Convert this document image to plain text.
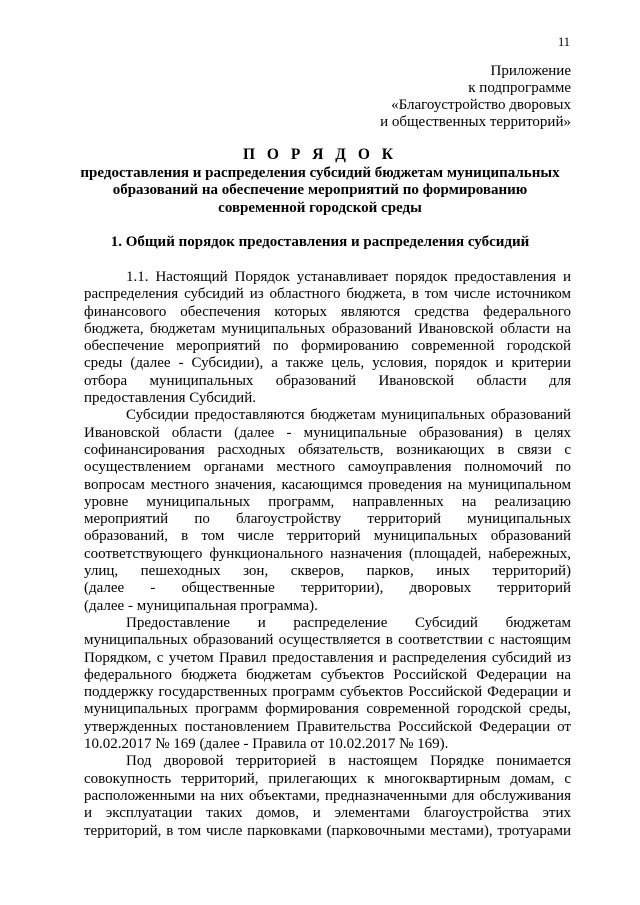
11
Приложение
к подпрограмме
«Благоустройство дворовых
и общественных территорий»
П О Р Я Д О К
предоставления и распределения субсидий бюджетам муниципальных
образований на обеспечение мероприятий по формированию
современной городской среды
1. Общий порядок предоставления и распределения субсидий
1.1. Настоящий Порядок устанавливает порядок предоставления и
распределения субсидий из областного бюджета, в том числе источником
финансового обеспечения которых являются средства федерального
бюджета, бюджетам муниципальных образований Ивановской области на
обеспечение мероприятий по формированию современной городской
среды (далее - Субсидии), а также цель, условия, порядок и критерии
отбора муниципальных образований Ивановской области для
предоставления Субсидий.
Субсидии предоставляются бюджетам муниципальных образований
Ивановской области (далее - муниципальные образования) в целях
софинансирования расходных обязательств, возникающих в связи с
осуществлением органами местного самоуправления полномочий по
вопросам местного значения, касающимся проведения на муниципальном
уровне муниципальных программ, направленных на реализацию
мероприятий по благоустройству территорий муниципальных
образований, в том числе территорий муниципальных образований
соответствующего функционального назначения (площадей, набережных,
улиц, пешеходных зон, скверов, парков, иных территорий)
(далее - общественные территории), дворовых территорий
(далее - муниципальная программа).
Предоставление и распределение Субсидий бюджетам
муниципальных образований осуществляется в соответствии с настоящим
Порядком, с учетом Правил предоставления и распределения субсидий из
федерального бюджета бюджетам субъектов Российской Федерации на
поддержку государственных программ субъектов Российской Федерации и
муниципальных программ формирования современной городской среды,
утвержденных постановлением Правительства Российской Федерации от
10.02.2017 № 169 (далее - Правила от 10.02.2017 № 169).
Под дворовой территорией в настоящем Порядке понимается
совокупность территорий, прилегающих к многоквартирным домам, с
расположенными на них объектами, предназначенными для обслуживания
и эксплуатации таких домов, и элементами благоустройства этих
территорий, в том числе парковками (парковочными местами), тротуарами
